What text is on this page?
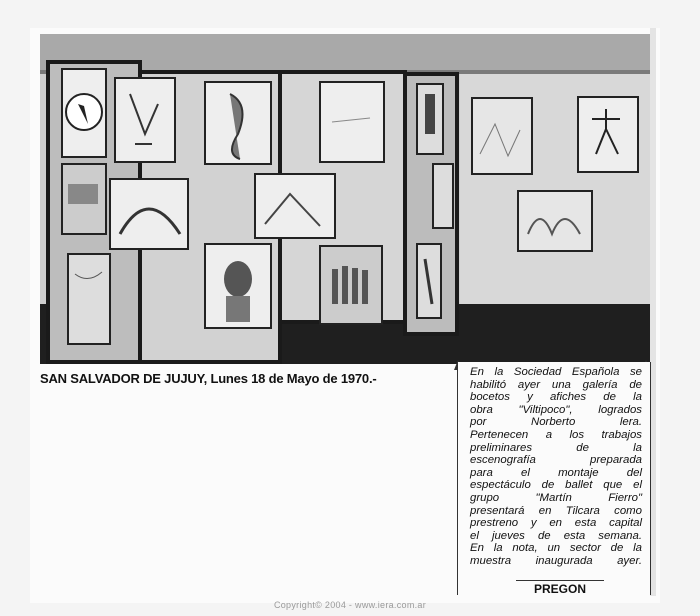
SAN SALVADOR DE JUJUY, Lunes 18 de Mayo de 1970.-	En la Sociedad Española se
habilitó ayer una galería de
bocetos y afiches de la
obra "Viltipoco", logrados
por Norberto lera.
Pertenecen a los trabajos
preliminares de la
escenografía preparada
para el montaje del
espectáculo de ballet que el
grupo "Martín Fierro"
presentará en Tilcara como
prestreno y en esta capital
el jueves de esta semana.
En la nota, un sector de la
muestra inaugurada ayer.
PREGON
Copyright© 2004 - www.iera.com.ar
